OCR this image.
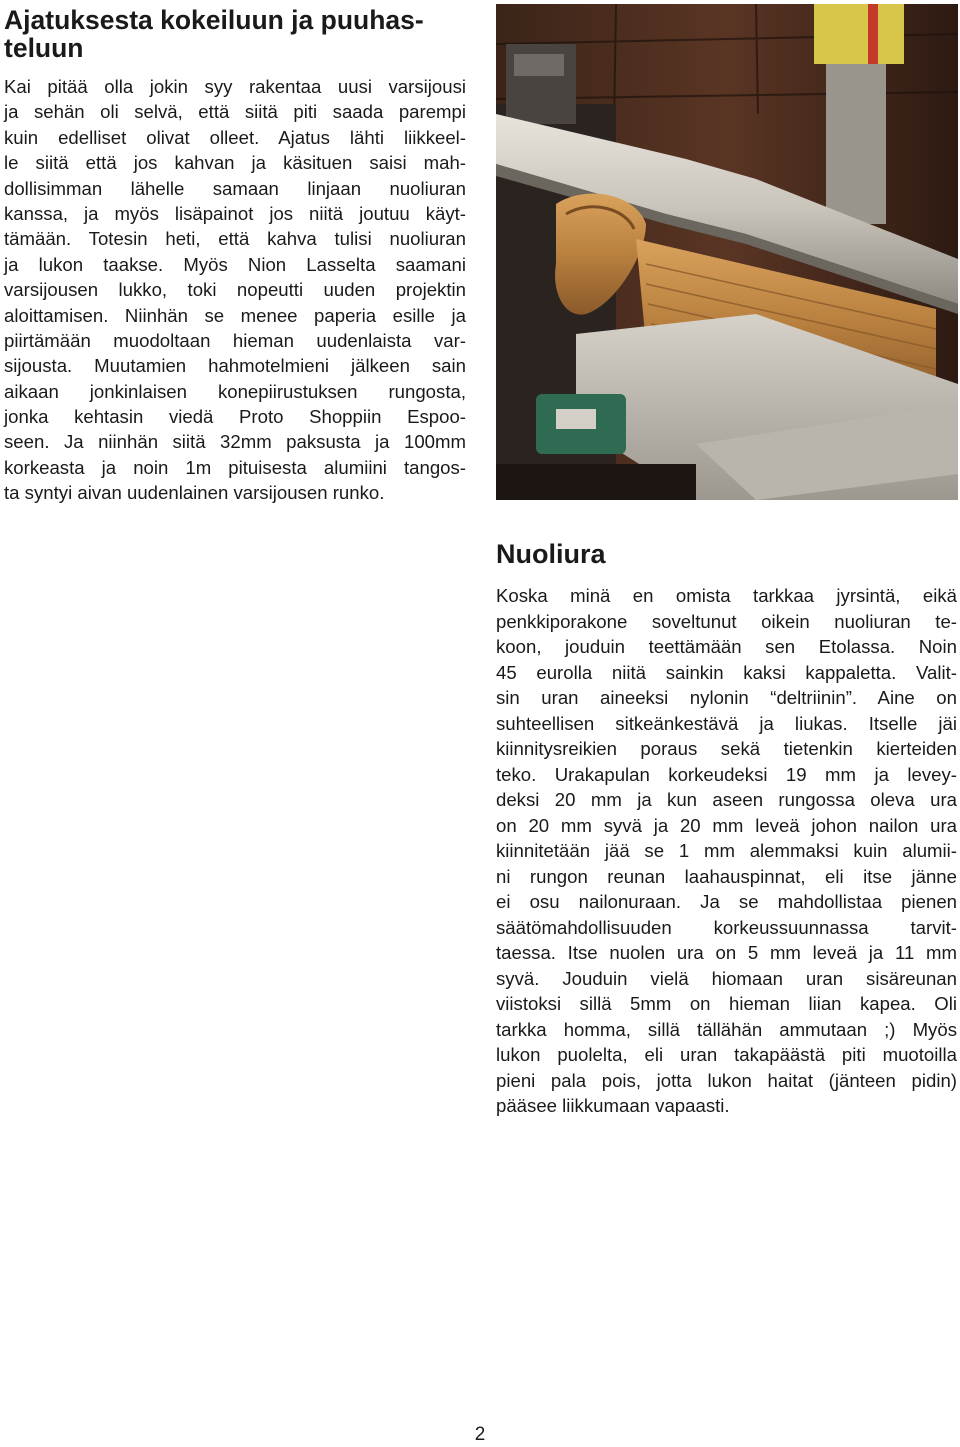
Ajatuksesta kokeiluun ja puuhas-
teluun
Kai pitää olla jokin syy rakentaa uusi varsijousi
ja sehän oli selvä, että siitä piti saada parempi
kuin edelliset olivat olleet. Ajatus lähti liikkeel-
le siitä että jos kahvan ja käsituen saisi mah-
dollisimman lähelle samaan linjaan nuoliuran
kanssa, ja myös lisäpainot jos niitä joutuu käyt-
tämään. Totesin heti, että kahva tulisi nuoliuran
ja lukon taakse. Myös Nion Lasselta saamani
varsijousen lukko, toki nopeutti uuden projektin
aloittamisen. Niinhän se menee paperia esille ja
piirtämään muodoltaan hieman uudenlaista var-
sijousta. Muutamien hahmotelmieni jälkeen sain
aikaan jonkinlaisen konepiirustuksen rungosta,
jonka kehtasin viedä Proto Shoppiin Espoo-
seen. Ja niinhän siitä 32mm paksusta ja 100mm
korkeasta ja noin 1m pituisesta alumiini tangos-
ta syntyi aivan uudenlainen varsijousen runko.
Nuoliura
Koska minä en omista tarkkaa jyrsintä, eikä
penkkiporakone soveltunut oikein nuoliuran te-
koon, jouduin teettämään sen Etolassa. Noin
45 eurolla niitä sainkin kaksi kappaletta. Valit-
sin uran aineeksi nylonin “deltriinin”. Aine on
suhteellisen sitkeänkestävä ja liukas. Itselle jäi
kiinnitysreikien poraus sekä tietenkin kierteiden
teko. Urakapulan korkeudeksi 19 mm ja levey-
deksi 20 mm ja kun aseen rungossa oleva ura
on 20 mm syvä ja 20 mm leveä johon nailon ura
kiinnitetään jää se 1 mm alemmaksi kuin alumii-
ni rungon reunan laahauspinnat, eli itse jänne
ei osu nailonuraan. Ja se mahdollistaa pienen
säätömahdollisuuden korkeussuunnassa tarvit-
taessa. Itse nuolen ura on 5 mm leveä ja 11 mm
syvä. Jouduin vielä hiomaan uran sisäreunan
viistoksi sillä 5mm on hieman liian kapea. Oli
tarkka homma, sillä tällähän ammutaan ;) Myös
lukon puolelta, eli uran takapäästä piti muotoilla
pieni pala pois, jotta lukon haitat (jänteen pidin)
pääsee liikkumaan vapaasti.
2
